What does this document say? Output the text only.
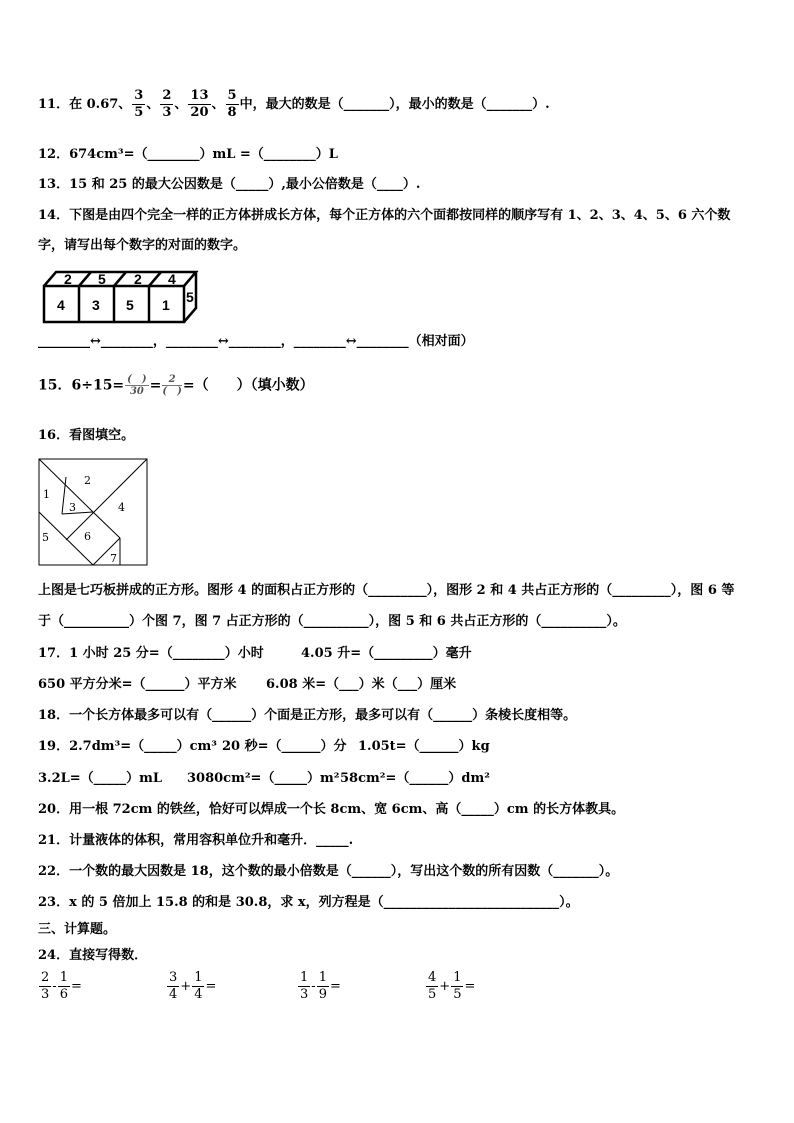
11．在 0.67、 $\frac{3}{5}$ 、 $\frac{2}{3}$ 、 $\frac{13}{20}$ 、 $\frac{5}{8}$ 中，最大的数是（_______），最小的数是（_______）.
12．674cm³=（________）mL =（________）L
13．15 和 25 的最大公因数是（_____）,最小公倍数是（____）.
14．下图是由四个完全一样的正方体拼成长方体，每个正方体的六个面都按同样的顺序写有 1、2、3、4、5、6 六个数
字，请写出每个数字的对面的数字。
2 5 2 4
4 3 5 1 5
________↔________，________↔________，________↔________（相对面）
15．$6\div 15= \frac{( )}{30} = \frac{2}{( )}$ =（　　）（填小数）
16．看图填空。
1
2
3	4
5	6
7
上图是七巧板拼成的正方形。图形 4 的面积占正方形的（_________），图形 2 和 4 共占正方形的（_________），图 6 等
于（__________）个图 7，图 7 占正方形的（__________），图 5 和 6 共占正方形的（__________）。
17．1 小时 25 分=（________）小时	4.05 升=（_________）毫升
650 平方分米=（______）平方米 6.08 米=（___）米（___）厘米
18．一个长方体最多可以有（______）个面是正方形，最多可以有（______）条棱长度相等。
19．2.7dm³=（_____）cm³ 20 秒=（______）分 1.05t=（______）kg
3.2L=（_____）mL 3080cm²=（_____）m² 58cm²=（______）dm²
20．用一根 72cm 的铁丝，恰好可以焊成一个长 8cm、宽 6cm、高（_____）cm 的长方体教具。
21．计量液体的体积，常用容积单位升和毫升．_____.
22．一个数的最大因数是 18，这个数的最小倍数是（______），写出这个数的所有因数（_______）。
23．x 的 5 倍加上 15.8 的和是 30.8，求 x，列方程是（___________________________）。
三、计算题。
24．直接写得数．
$\frac{2}{3} - \frac{1}{6}$ =	$\frac{3}{4} + \frac{1}{4}$ =	$\frac{1}{3} - \frac{1}{9}$ =	$\frac{4}{5} + \frac{1}{5}$ =
